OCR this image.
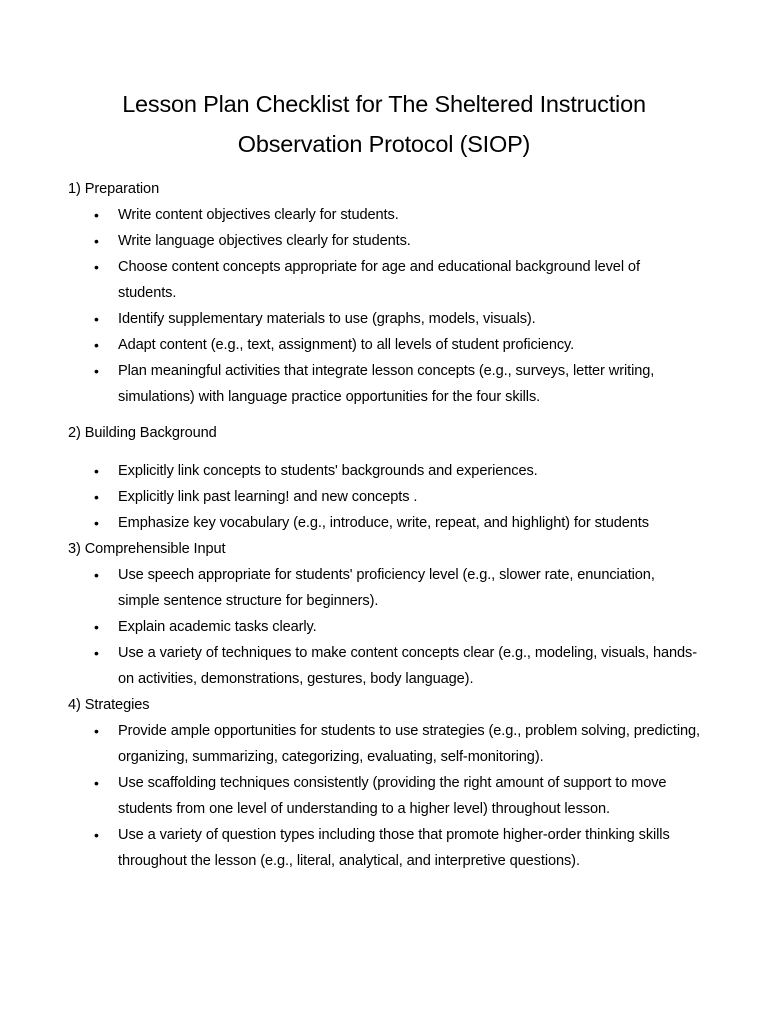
Lesson Plan Checklist for The Sheltered Instruction
Observation Protocol (SIOP)

1) Preparation

• Write content objectives clearly for students.
• Write language objectives clearly for students.
• Choose content concepts appropriate for age and educational background level of students.
• Identify supplementary materials to use (graphs, models, visuals).
• Adapt content (e.g., text, assignment) to all levels of student proficiency.
• Plan meaningful activities that integrate lesson concepts (e.g., surveys, letter writing, simulations) with language practice opportunities for the four skills.

2) Building Background

• Explicitly link concepts to students' backgrounds and experiences.
• Explicitly link past learning! and new concepts .
• Emphasize key vocabulary (e.g., introduce, write, repeat, and highlight) for students

3) Comprehensible Input

• Use speech appropriate for students' proficiency level (e.g., slower rate, enunciation, simple sentence structure for beginners).
• Explain academic tasks clearly.
• Use a variety of techniques to make content concepts clear (e.g., modeling, visuals, hands-on activities, demonstrations, gestures, body language).

4) Strategies

• Provide ample opportunities for students to use strategies (e.g., problem solving, predicting, organizing, summarizing, categorizing, evaluating, self-monitoring).
• Use scaffolding techniques consistently (providing the right amount of support to move students from one level of understanding to a higher level) throughout lesson.
• Use a variety of question types including those that promote higher-order thinking skills throughout the lesson (e.g., literal, analytical, and interpretive questions).
